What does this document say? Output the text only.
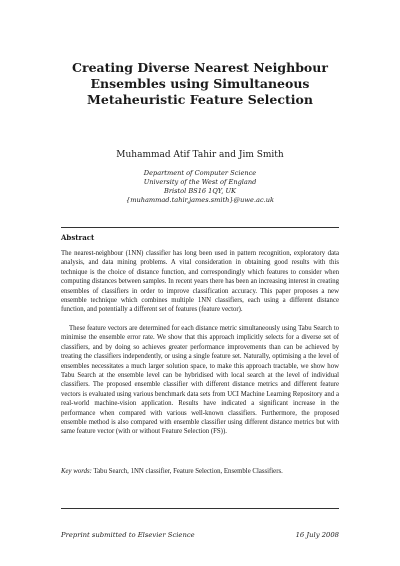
Creating Diverse Nearest Neighbour Ensembles using Simultaneous Metaheuristic Feature Selection
Muhammad Atif Tahir and Jim Smith
Department of Computer Science
University of the West of England
Bristol BS16 1QY, UK
{muhammad.tahir,james.smith}@uwe.ac.uk
Abstract

The nearest-neighbour (1NN) classifier has long been used in pattern recognition, exploratory data analysis, and data mining problems. A vital consideration in obtaining good results with this technique is the choice of distance function, and correspondingly which features to consider when computing distances between samples. In recent years there has been an increasing interest in creating ensembles of classifiers in order to improve classification accuracy. This paper proposes a new ensemble technique which combines multiple 1NN classifiers, each using a different distance function, and potentially a different set of features (feature vector).

These feature vectors are determined for each distance metric simultaneously using Tabu Search to minimise the ensemble error rate. We show that this approach implicitly selects for a diverse set of classifiers, and by doing so achieves greater performance improvements than can be achieved by treating the classifiers independently, or using a single feature set. Naturally, optimising a the level of ensembles necessitates a much larger solution space, to make this approach tractable, we show how Tabu Search at the ensemble level can be hybridised with local search at the level of individual classifiers. The proposed ensemble classifier with different distance metrics and different feature vectors is evaluated using various benchmark data sets from UCI Machine Learning Repository and a real-world machine-vision application. Results have indicated a significant increase in the performance when compared with various well-known classifiers. Furthermore, the proposed ensemble method is also compared with ensemble classifier using different distance metrics but with same feature vector (with or without Feature Selection (FS)).

Key words: Tabu Search, 1NN classifier, Feature Selection, Ensemble Classifiers.
Preprint submitted to Elsevier Science	16 July 2008
